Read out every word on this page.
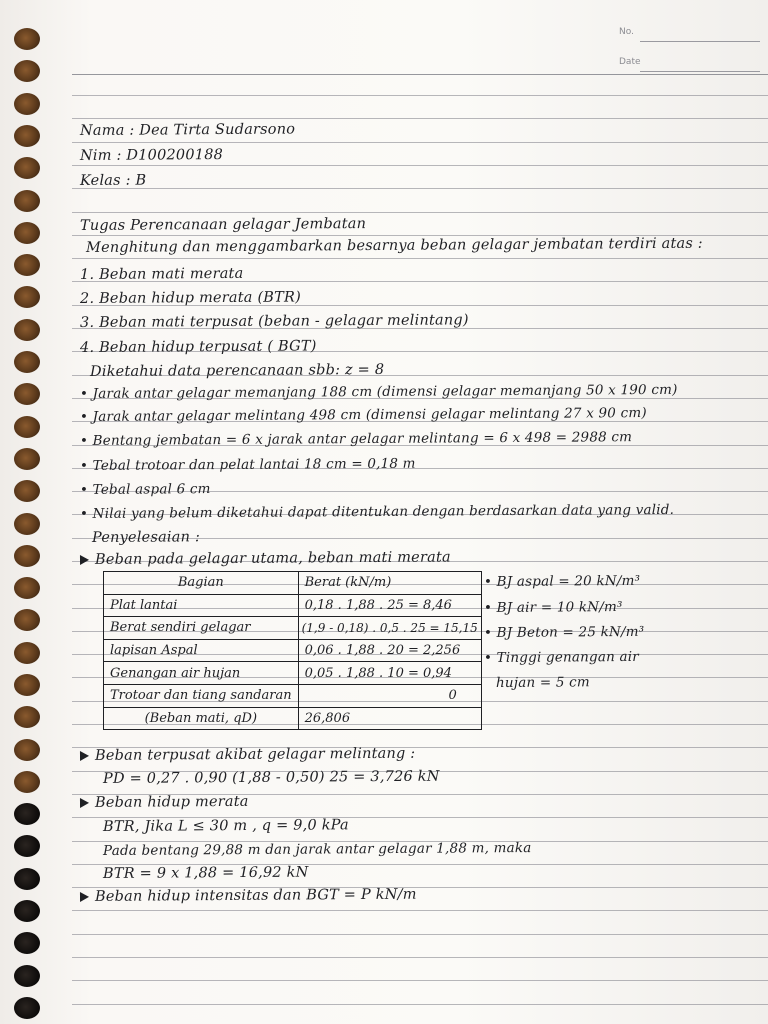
No.
Date
Nama : Dea Tirta Sudarsono
Nim : D100200188
Kelas : B
Tugas Perencanaan gelagar Jembatan
Menghitung dan menggambarkan besarnya beban gelagar jembatan terdiri atas :
1. Beban mati merata
2. Beban hidup merata (BTR)
3. Beban mati terpusat (beban - gelagar melintang)
4. Beban hidup terpusat ( BGT)
Diketahui data perencanaan sbb: z = 8
• Jarak antar gelagar memanjang 188 cm (dimensi gelagar memanjang 50 x 190 cm)
• Jarak antar gelagar melintang 498 cm (dimensi gelagar melintang 27 x 90 cm)
• Bentang jembatan = 6 x jarak antar gelagar melintang = 6 x 498 = 2988 cm
• Tebal trotoar dan pelat lantai 18 cm = 0,18 m
• Tebal aspal 6 cm
• Nilai yang belum diketahui dapat ditentukan dengan berdasarkan data yang valid.
Penyelesaian :
Beban pada gelagar utama, beban mati merata
Bagian	Berat (kN/m)
Plat lantai	0,18 . 1,88 . 25 = 8,46
Berat sendiri gelagar	(1,9 - 0,18) . 0,5 . 25 = 15,15
lapisan Aspal	0,06 . 1,88 . 20 = 2,256
Genangan air hujan	0,05 . 1,88 . 10 = 0,94
Trotoar dan tiang sandaran	0
(Beban mati, qD)	26,806
• BJ aspal = 20 kN/m³
• BJ air = 10 kN/m³
• BJ Beton = 25 kN/m³
• Tinggi genangan air
hujan = 5 cm
Beban terpusat akibat gelagar melintang :
PD = 0,27 . 0,90 (1,88 - 0,50) 25 = 3,726 kN
Beban hidup merata
BTR, Jika L ≤ 30 m , q = 9,0 kPa
Pada bentang 29,88 m dan jarak antar gelagar 1,88 m, maka
BTR = 9 x 1,88 = 16,92 kN
Beban hidup intensitas dan BGT = P kN/m
